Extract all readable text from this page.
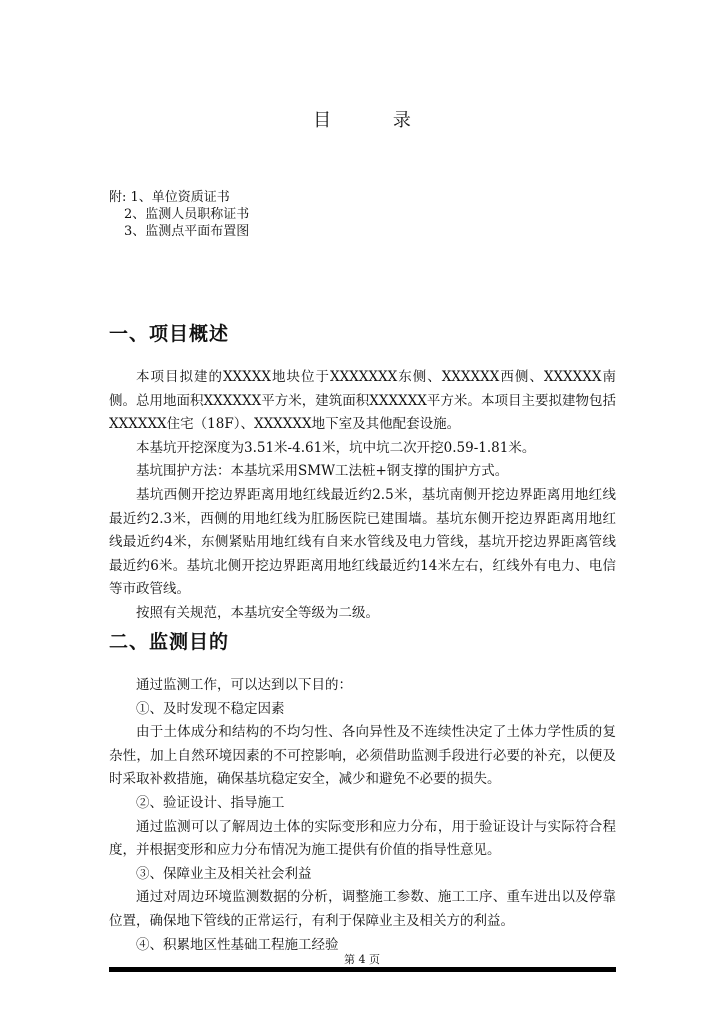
目 录
附: 1、单位资质证书
2、监测人员职称证书
3、监测点平面布置图
一、项目概述

本项目拟建的XXXXX地块位于XXXXXXX东侧、XXXXXX西侧、XXXXXX南侧。总用地面积XXXXXX平方米，建筑面积XXXXXX平方米。本项目主要拟建物包括XXXXXX住宅（18F）、XXXXXX地下室及其他配套设施。

本基坑开挖深度为3.51米-4.61米，坑中坑二次开挖0.59-1.81米。

基坑围护方法：本基坑采用SMW工法桩+钢支撑的围护方式。

基坑西侧开挖边界距离用地红线最近约2.5米，基坑南侧开挖边界距离用地红线最近约2.3米，西侧的用地红线为肛肠医院已建围墙。基坑东侧开挖边界距离用地红线最近约4米，东侧紧贴用地红线有自来水管线及电力管线，基坑开挖边界距离管线最近约6米。基坑北侧开挖边界距离用地红线最近约14米左右，红线外有电力、电信等市政管线。

按照有关规范，本基坑安全等级为二级。

二、监测目的

通过监测工作，可以达到以下目的：

①、及时发现不稳定因素

由于土体成分和结构的不均匀性、各向异性及不连续性决定了土体力学性质的复杂性，加上自然环境因素的不可控影响，必须借助监测手段进行必要的补充，以便及时采取补救措施，确保基坑稳定安全，减少和避免不必要的损失。

②、验证设计、指导施工

通过监测可以了解周边土体的实际变形和应力分布，用于验证设计与实际符合程度，并根据变形和应力分布情况为施工提供有价值的指导性意见。

③、保障业主及相关社会利益

通过对周边环境监测数据的分析，调整施工参数、施工工序、重车进出以及停靠位置，确保地下管线的正常运行，有利于保障业主及相关方的利益。

④、积累地区性基础工程施工经验

第 4 页
